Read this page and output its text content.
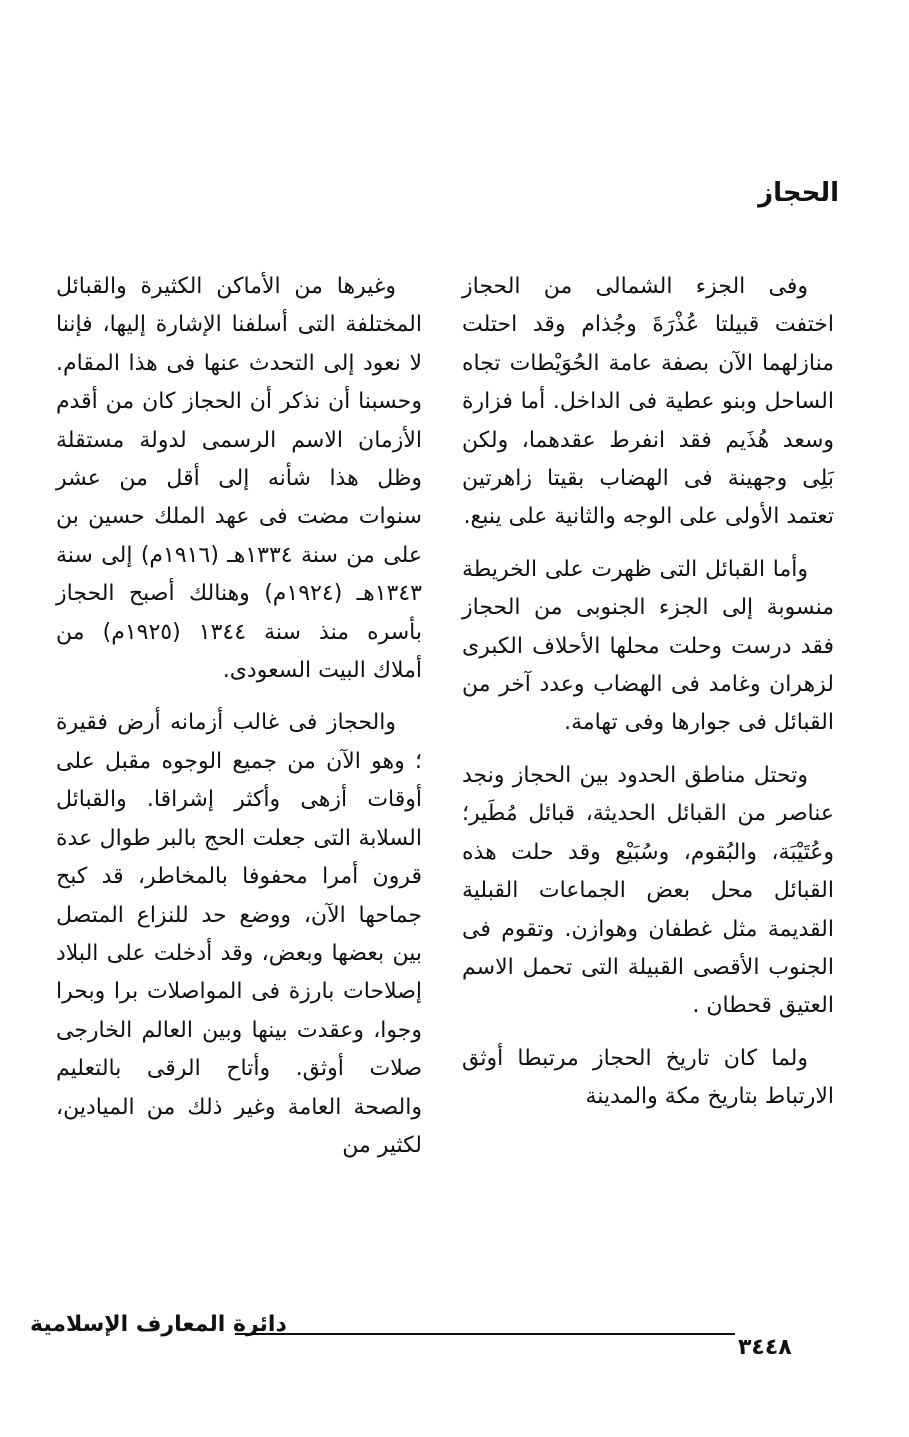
الحجاز

وفى الجزء الشمالى من الحجاز اختفت قبيلتا عُذْرَةَ وجُذام وقد احتلت منازلهما الآن بصفة عامة الحُوَيْطات تجاه الساحل وبنو عطية فى الداخل. أما فزارة وسعد هُذَيم فقد انفرط عقدهما، ولكن بَلِى وجهينة فى الهضاب بقيتا زاهرتين تعتمد الأولى على الوجه والثانية على ينبع.

وأما القبائل التى ظهرت على الخريطة منسوبة إلى الجزء الجنوبى من الحجاز فقد درست وحلت محلها الأحلاف الكبرى لزهران وغامد فى الهضاب وعدد آخر من القبائل فى جوارها وفى تهامة.

وتحتل مناطق الحدود بين الحجاز ونجد عناصر من القبائل الحديثة، قبائل مُطَير؛ وعُتَيْبَة، والبُقوم، وسُبَيْع وقد حلت هذه القبائل محل بعض الجماعات القبلية القديمة مثل غطفان وهوازن. وتقوم فى الجنوب الأقصى القبيلة التى تحمل الاسم العتيق قحطان .

ولما كان تاريخ الحجاز مرتبطا أوثق الارتباط بتاريخ مكة والمدينة

وغيرها من الأماكن الكثيرة والقبائل المختلفة التى أسلفنا الإشارة إليها، فإننا لا نعود إلى التحدث عنها فى هذا المقام. وحسبنا أن نذكر أن الحجاز كان من أقدم الأزمان الاسم الرسمى لدولة مستقلة وظل هذا شأنه إلى أقل من عشر سنوات مضت فى عهد الملك حسين بن على من سنة ١٣٣٤هـ (١٩١٦م) إلى سنة ١٣٤٣هـ (١٩٢٤م) وهنالك أصبح الحجاز بأسره منذ سنة ١٣٤٤ (١٩٢٥م) من أملاك البيت السعودى.

والحجاز فى غالب أزمانه أرض فقيرة ؛ وهو الآن من جميع الوجوه مقبل على أوقات أزهى وأكثر إشراقا. والقبائل السلابة التى جعلت الحج بالبر طوال عدة قرون أمرا محفوفا بالمخاطر، قد كبح جماحها الآن، ووضع حد للنزاع المتصل بين بعضها وبعض، وقد أدخلت على البلاد إصلاحات بارزة فى المواصلات برا وبحرا وجوا، وعقدت بينها وبين العالم الخارجى صلات أوثق. وأتاح الرقى بالتعليم والصحة العامة وغير ذلك من الميادين، لكثير من

دائرة المعارف الإسلامية
٣٤٤٨
